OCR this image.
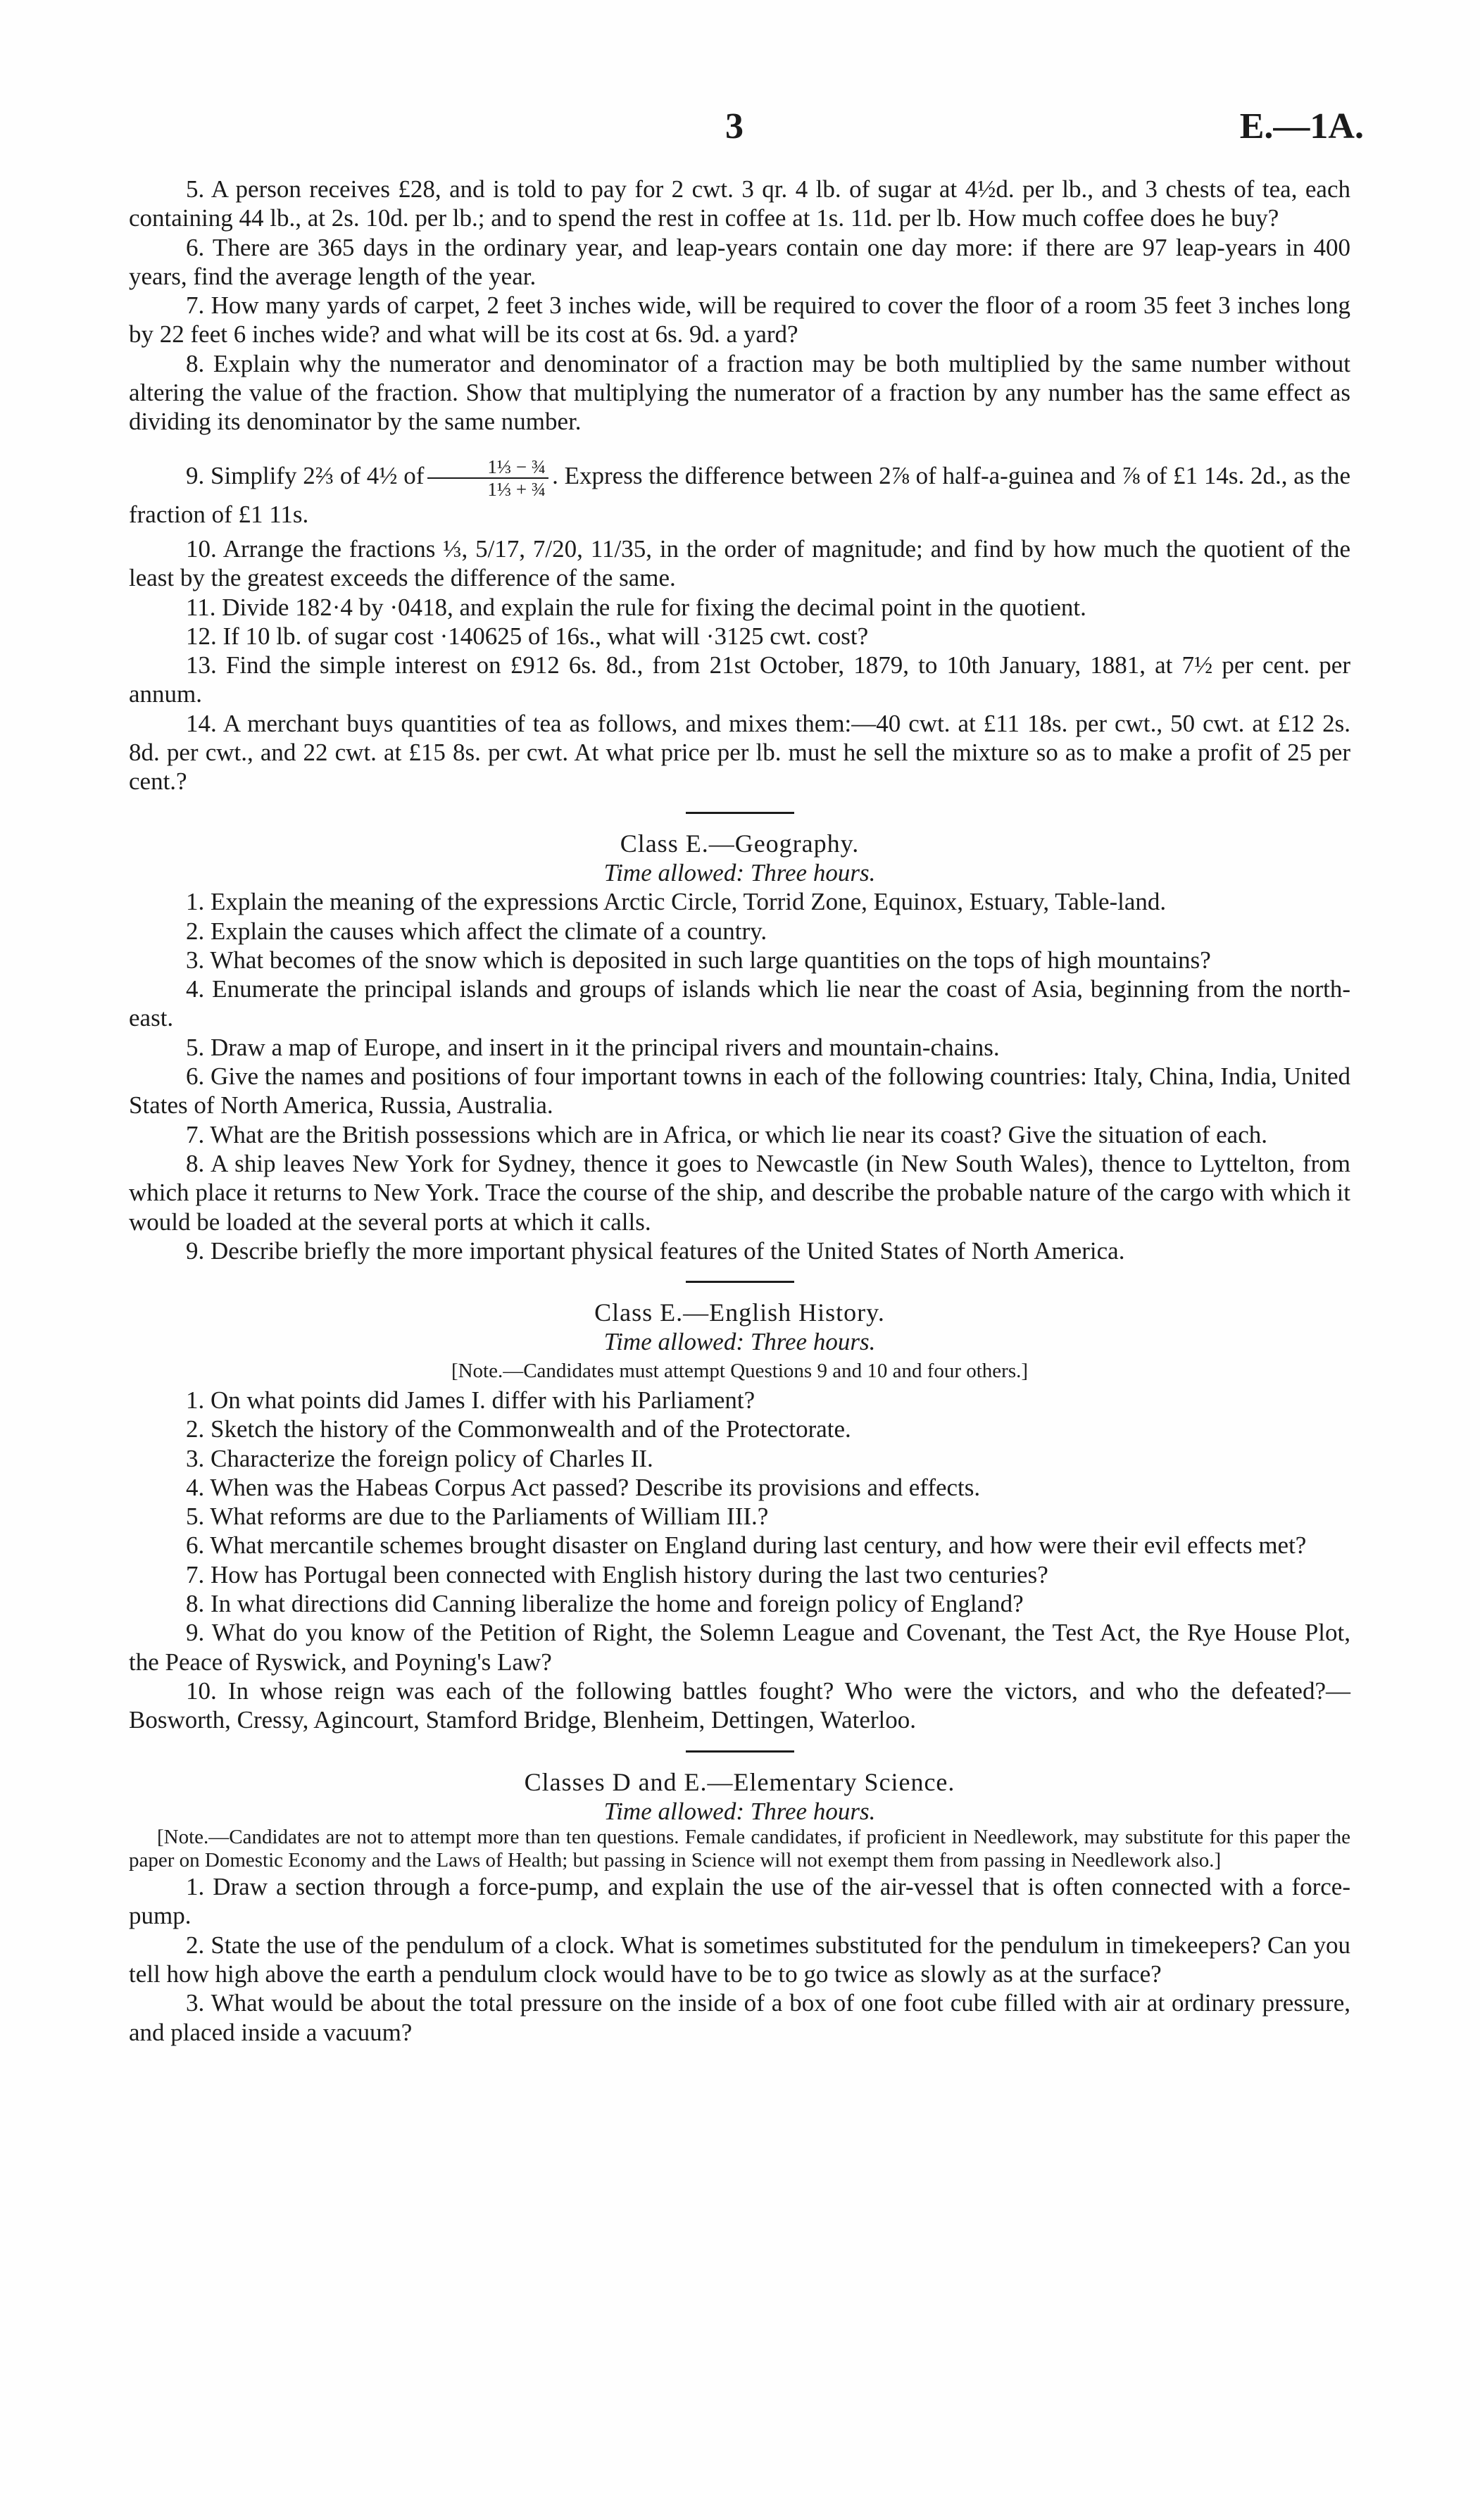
3	E.—1A.

5. A person receives £28, and is told to pay for 2 cwt. 3 qr. 4 lb. of sugar at 4½d. per lb., and 3 chests of tea, each containing 44 lb., at 2s. 10d. per lb.; and to spend the rest in coffee at 1s. 11d. per lb. How much coffee does he buy?

6. There are 365 days in the ordinary year, and leap-years contain one day more: if there are 97 leap-years in 400 years, find the average length of the year.

7. How many yards of carpet, 2 feet 3 inches wide, will be required to cover the floor of a room 35 feet 3 inches long by 22 feet 6 inches wide? and what will be its cost at 6s. 9d. a yard?

8. Explain why the numerator and denominator of a fraction may be both multiplied by the same number without altering the value of the fraction. Show that multiplying the numerator of a fraction by any number has the same effect as dividing its denominator by the same number.

9. Simplify 2⅔ of 4½ of $\frac{\text{1⅓ − ¾}}{\text{1⅓ + ¾}}$ . Express the difference between 2⅞ of half-a-guinea and ⅞ of £1 14s. 2d., as the fraction of £1 11s.

10. Arrange the fractions ⅓, 5/17, 7/20, 11/35, in the order of magnitude; and find by how much the quotient of the least by the greatest exceeds the difference of the same.

11. Divide 182·4 by ·0418, and explain the rule for fixing the decimal point in the quotient.

12. If 10 lb. of sugar cost ·140625 of 16s., what will ·3125 cwt. cost?

13. Find the simple interest on £912 6s. 8d., from 21st October, 1879, to 10th January, 1881, at 7½ per cent. per annum.

14. A merchant buys quantities of tea as follows, and mixes them:—40 cwt. at £11 18s. per cwt., 50 cwt. at £12 2s. 8d. per cwt., and 22 cwt. at £15 8s. per cwt. At what price per lb. must he sell the mixture so as to make a profit of 25 per cent.?

Class E.—Geography.

Time allowed: Three hours.

1. Explain the meaning of the expressions Arctic Circle, Torrid Zone, Equinox, Estuary, Table-land.

2. Explain the causes which affect the climate of a country.

3. What becomes of the snow which is deposited in such large quantities on the tops of high mountains?

4. Enumerate the principal islands and groups of islands which lie near the coast of Asia, beginning from the north-east.

5. Draw a map of Europe, and insert in it the principal rivers and mountain-chains.

6. Give the names and positions of four important towns in each of the following countries: Italy, China, India, United States of North America, Russia, Australia.

7. What are the British possessions which are in Africa, or which lie near its coast? Give the situation of each.

8. A ship leaves New York for Sydney, thence it goes to Newcastle (in New South Wales), thence to Lyttelton, from which place it returns to New York. Trace the course of the ship, and describe the probable nature of the cargo with which it would be loaded at the several ports at which it calls.

9. Describe briefly the more important physical features of the United States of North America.

Class E.—English History.

Time allowed: Three hours.

[Note.—Candidates must attempt Questions 9 and 10 and four others.]

1. On what points did James I. differ with his Parliament?

2. Sketch the history of the Commonwealth and of the Protectorate.

3. Characterize the foreign policy of Charles II.

4. When was the Habeas Corpus Act passed? Describe its provisions and effects.

5. What reforms are due to the Parliaments of William III.?

6. What mercantile schemes brought disaster on England during last century, and how were their evil effects met?

7. How has Portugal been connected with English history during the last two centuries?

8. In what directions did Canning liberalize the home and foreign policy of England?

9. What do you know of the Petition of Right, the Solemn League and Covenant, the Test Act, the Rye House Plot, the Peace of Ryswick, and Poyning's Law?

10. In whose reign was each of the following battles fought? Who were the victors, and who the defeated?—Bosworth, Cressy, Agincourt, Stamford Bridge, Blenheim, Dettingen, Waterloo.

Classes D and E.—Elementary Science.

Time allowed: Three hours.

[Note.—Candidates are not to attempt more than ten questions. Female candidates, if proficient in Needlework, may substitute for this paper the paper on Domestic Economy and the Laws of Health; but passing in Science will not exempt them from passing in Needlework also.]

1. Draw a section through a force-pump, and explain the use of the air-vessel that is often connected with a force-pump.

2. State the use of the pendulum of a clock. What is sometimes substituted for the pendulum in timekeepers? Can you tell how high above the earth a pendulum clock would have to be to go twice as slowly as at the surface?

3. What would be about the total pressure on the inside of a box of one foot cube filled with air at ordinary pressure, and placed inside a vacuum?
